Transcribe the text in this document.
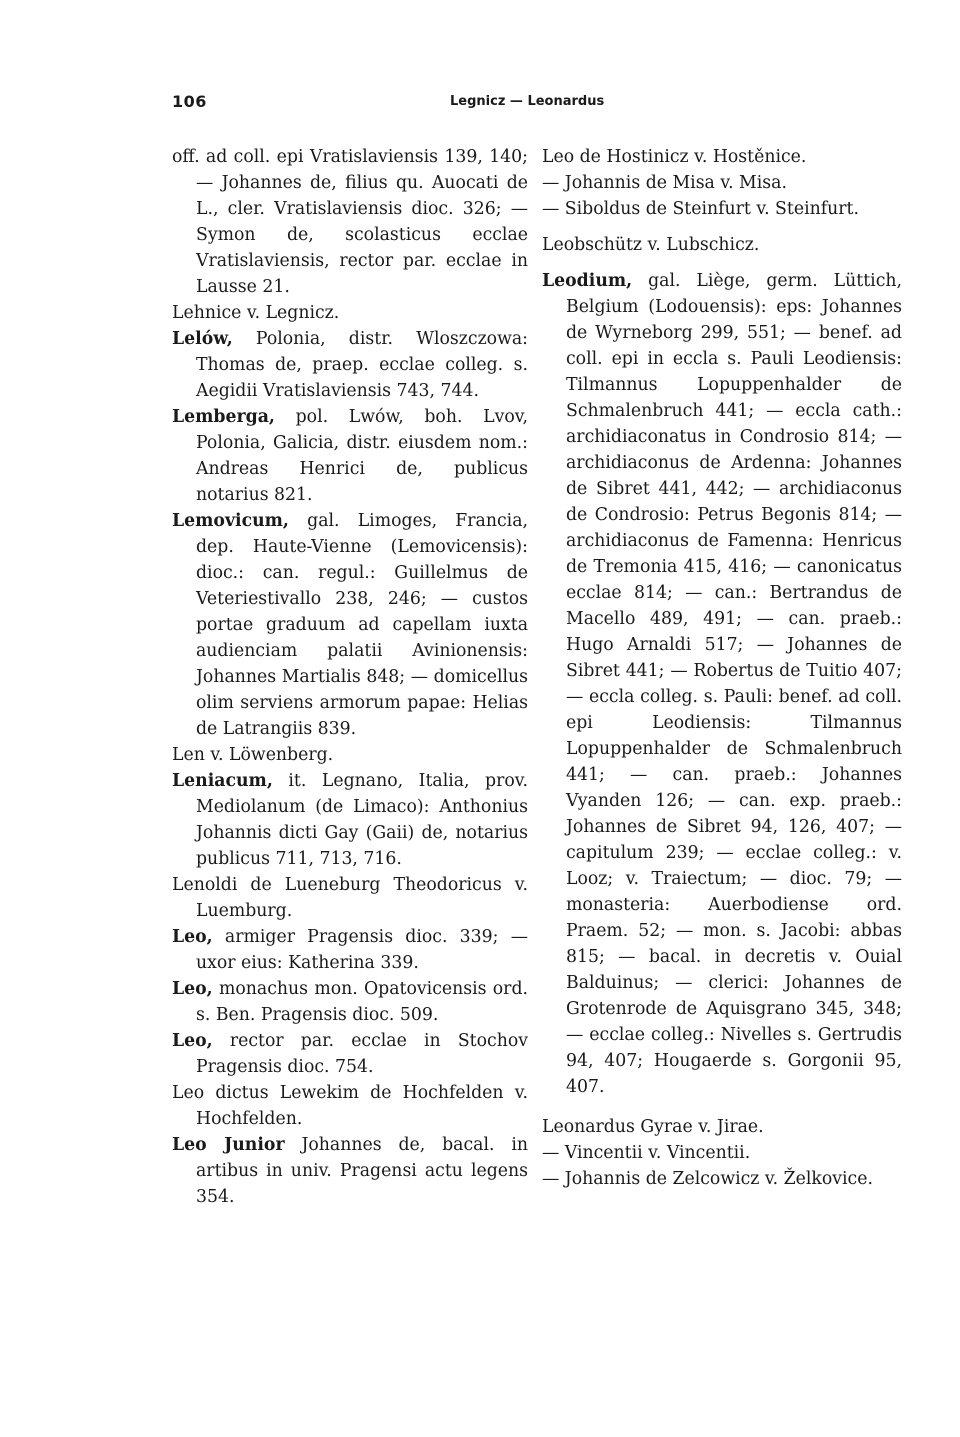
106	Legnicz — Leonardus

off. ad coll. epi Vratislaviensis 139, 140; — Johannes de, filius qu. Auocati de L., cler. Vratislaviensis dioc. 326; — Symon de, scolasticus ecclae Vratislaviensis, rector par. ecclae in Lausse 21.

Lehnice v. Legnicz.

Lelów, Polonia, distr. Wloszczowa: Thomas de, praep. ecclae colleg. s. Aegidii Vratislaviensis 743, 744.

Lemberga, pol. Lwów, boh. Lvov, Polonia, Galicia, distr. eiusdem nom.: Andreas Henrici de, publicus notarius 821.

Lemovicum, gal. Limoges, Francia, dep. Haute-Vienne (Lemovicensis): dioc.: can. regul.: Guillelmus de Veteriestivallo 238, 246; — custos portae graduum ad capellam iuxta audienciam palatii Avinionensis: Johannes Martialis 848; — domicellus olim serviens armorum papae: Helias de Latrangiis 839.

Len v. Löwenberg.

Leniacum, it. Legnano, Italia, prov. Mediolanum (de Limaco): Anthonius Johannis dicti Gay (Gaii) de, notarius publicus 711, 713, 716.

Lenoldi de Lueneburg Theodoricus v. Luemburg.

Leo, armiger Pragensis dioc. 339; — uxor eius: Katherina 339.

Leo, monachus mon. Opatovicensis ord. s. Ben. Pragensis dioc. 509.

Leo, rector par. ecclae in Stochov Pragensis dioc. 754.

Leo dictus Lewekim de Hochfelden v. Hochfelden.

Leo Junior Johannes de, bacal. in artibus in univ. Pragensi actu legens 354.

Leo de Hostinicz v. Hostěnice.

— Johannis de Misa v. Misa.

— Siboldus de Steinfurt v. Steinfurt.

Leobschütz v. Lubschicz.

Leodium, gal. Liège, germ. Lüttich, Belgium (Lodouensis): eps: Johannes de Wyrneborg 299, 551; — benef. ad coll. epi in eccla s. Pauli Leodiensis: Tilmannus Lopuppenhalder de Schmalenbruch 441; — eccla cath.: archidiaconatus in Condrosio 814; — archidiaconus de Ardenna: Johannes de Sibret 441, 442; — archidiaconus de Condrosio: Petrus Begonis 814; — archidiaconus de Famenna: Henricus de Tremonia 415, 416; — canonicatus ecclae 814; — can.: Bertrandus de Macello 489, 491; — can. praeb.: Hugo Arnaldi 517; — Johannes de Sibret 441; — Robertus de Tuitio 407; — eccla colleg. s. Pauli: benef. ad coll. epi Leodiensis: Tilmannus Lopuppenhalder de Schmalenbruch 441; — can. praeb.: Johannes Vyanden 126; — can. exp. praeb.: Johannes de Sibret 94, 126, 407; — capitulum 239; — ecclae colleg.: v. Looz; v. Traiectum; — dioc. 79; — monasteria: Auerbodiense ord. Praem. 52; — mon. s. Jacobi: abbas 815; — bacal. in decretis v. Ouial Balduinus; — clerici: Johannes de Grotenrode de Aquisgrano 345, 348; — ecclae colleg.: Nivelles s. Gertrudis 94, 407; Hougaerde s. Gorgonii 95, 407.

Leonardus Gyrae v. Jirae.

— Vincentii v. Vincentii.

— Johannis de Zelcowicz v. Želkovice.
